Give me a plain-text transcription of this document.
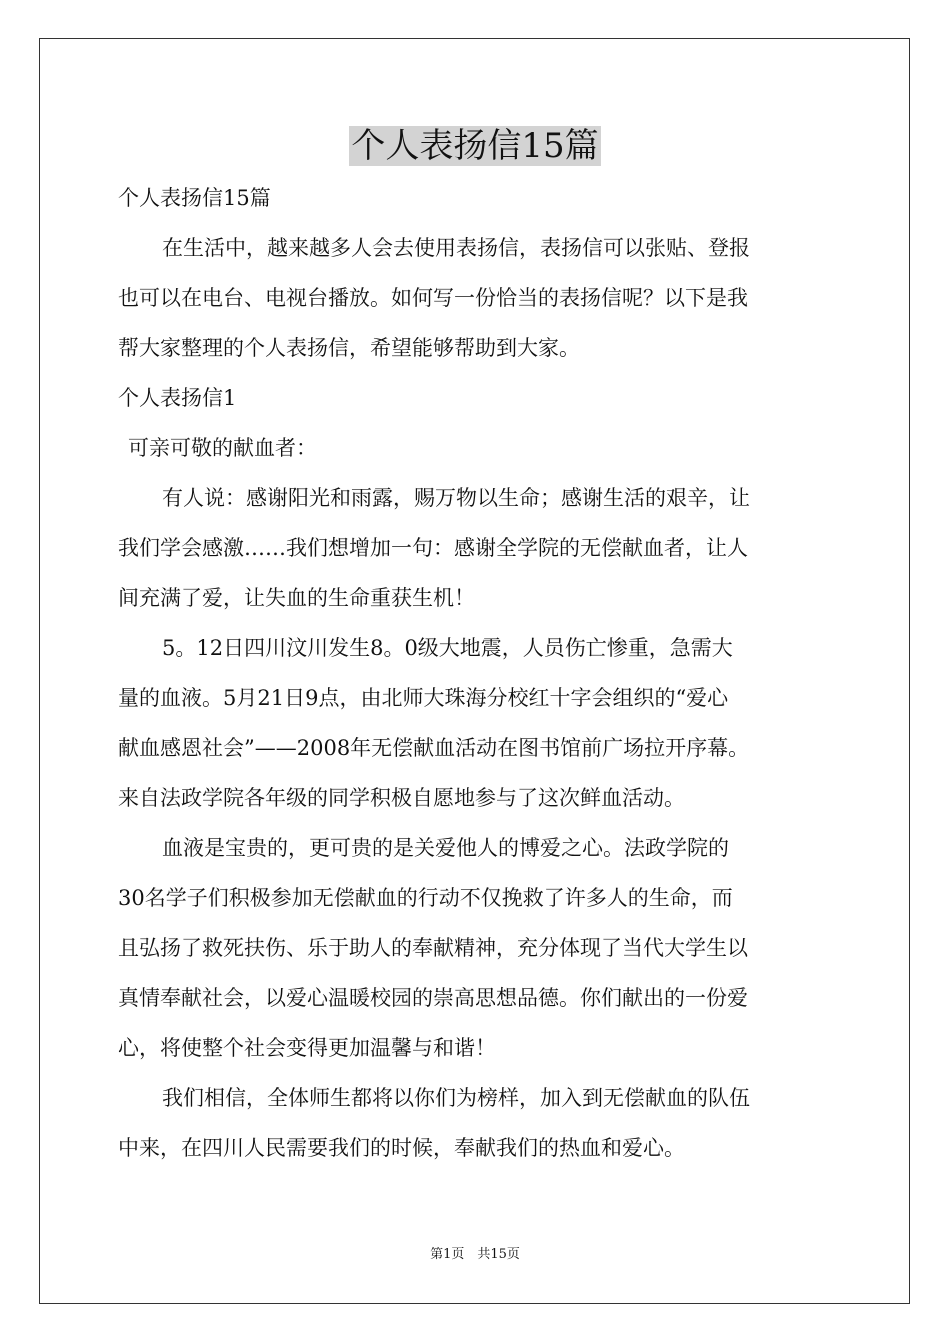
个人表扬信15篇
个人表扬信15篇
在生活中，越来越多人会去使用表扬信，表扬信可以张贴、登报
也可以在电台、电视台播放。如何写一份恰当的表扬信呢？以下是我
帮大家整理的个人表扬信，希望能够帮助到大家。
个人表扬信1
可亲可敬的献血者：
有人说：感谢阳光和雨露，赐万物以生命；感谢生活的艰辛，让
我们学会感激……我们想增加一句：感谢全学院的无偿献血者，让人
间充满了爱，让失血的生命重获生机！
5。12日四川汶川发生8。0级大地震，人员伤亡惨重，急需大
量的血液。5月21日9点，由北师大珠海分校红十字会组织的“爱心
献血感恩社会”——2008年无偿献血活动在图书馆前广场拉开序幕。
来自法政学院各年级的同学积极自愿地参与了这次鲜血活动。
血液是宝贵的，更可贵的是关爱他人的博爱之心。法政学院的
30名学子们积极参加无偿献血的行动不仅挽救了许多人的生命，而
且弘扬了救死扶伤、乐于助人的奉献精神，充分体现了当代大学生以
真情奉献社会，以爱心温暖校园的崇高思想品德。你们献出的一份爱
心，将使整个社会变得更加温馨与和谐！
我们相信，全体师生都将以你们为榜样，加入到无偿献血的队伍
中来，在四川人民需要我们的时候，奉献我们的热血和爱心。
第1页　共15页
